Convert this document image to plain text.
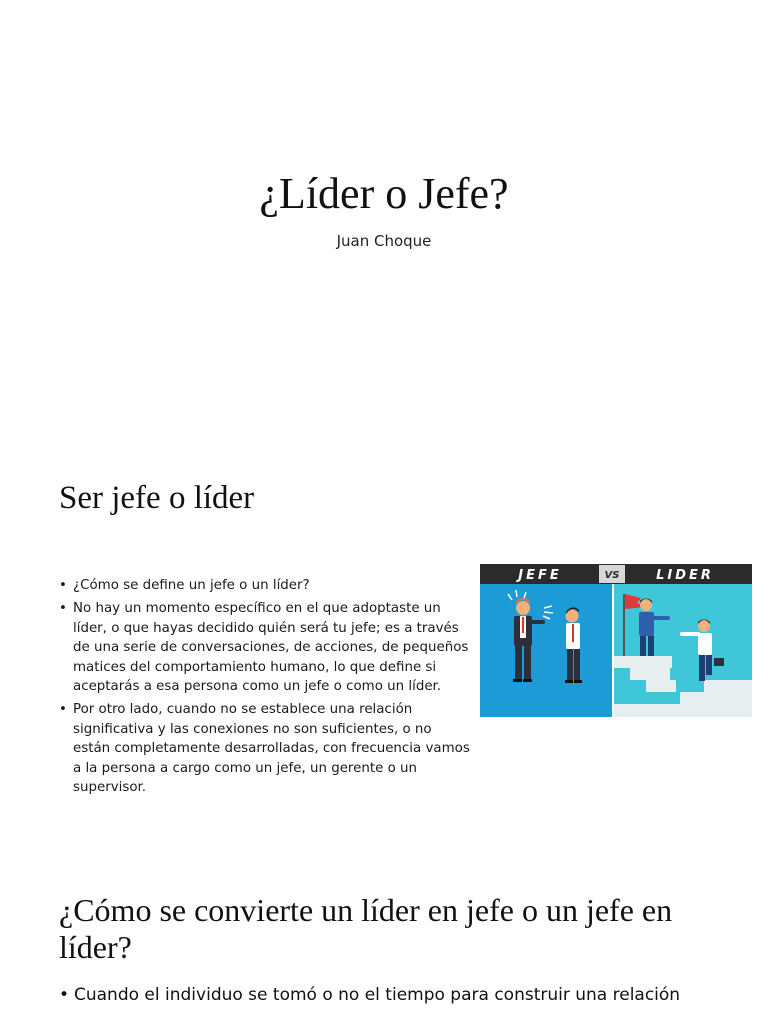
¿Líder o Jefe?
Juan Choque
Ser jefe o líder
• ¿Cómo se define un jefe o un líder?
• No hay un momento específico en el que adoptaste un líder, o que hayas decidido quién será tu jefe; es a través de una serie de conversaciones, de acciones, de pequeños matices del comportamiento humano, lo que define si aceptarás a esa persona como un jefe o como un líder.
• Por otro lado, cuando no se establece una relación significativa y las conexiones no son suficientes, o no están completamente desarrolladas, con frecuencia vamos a la persona a cargo como un jefe, un gerente o un supervisor.
JEFE	VS	LIDER
¿Cómo se convierte un líder en jefe o un jefe en líder?
• Cuando el individuo se tomó o no el tiempo para construir una relación
